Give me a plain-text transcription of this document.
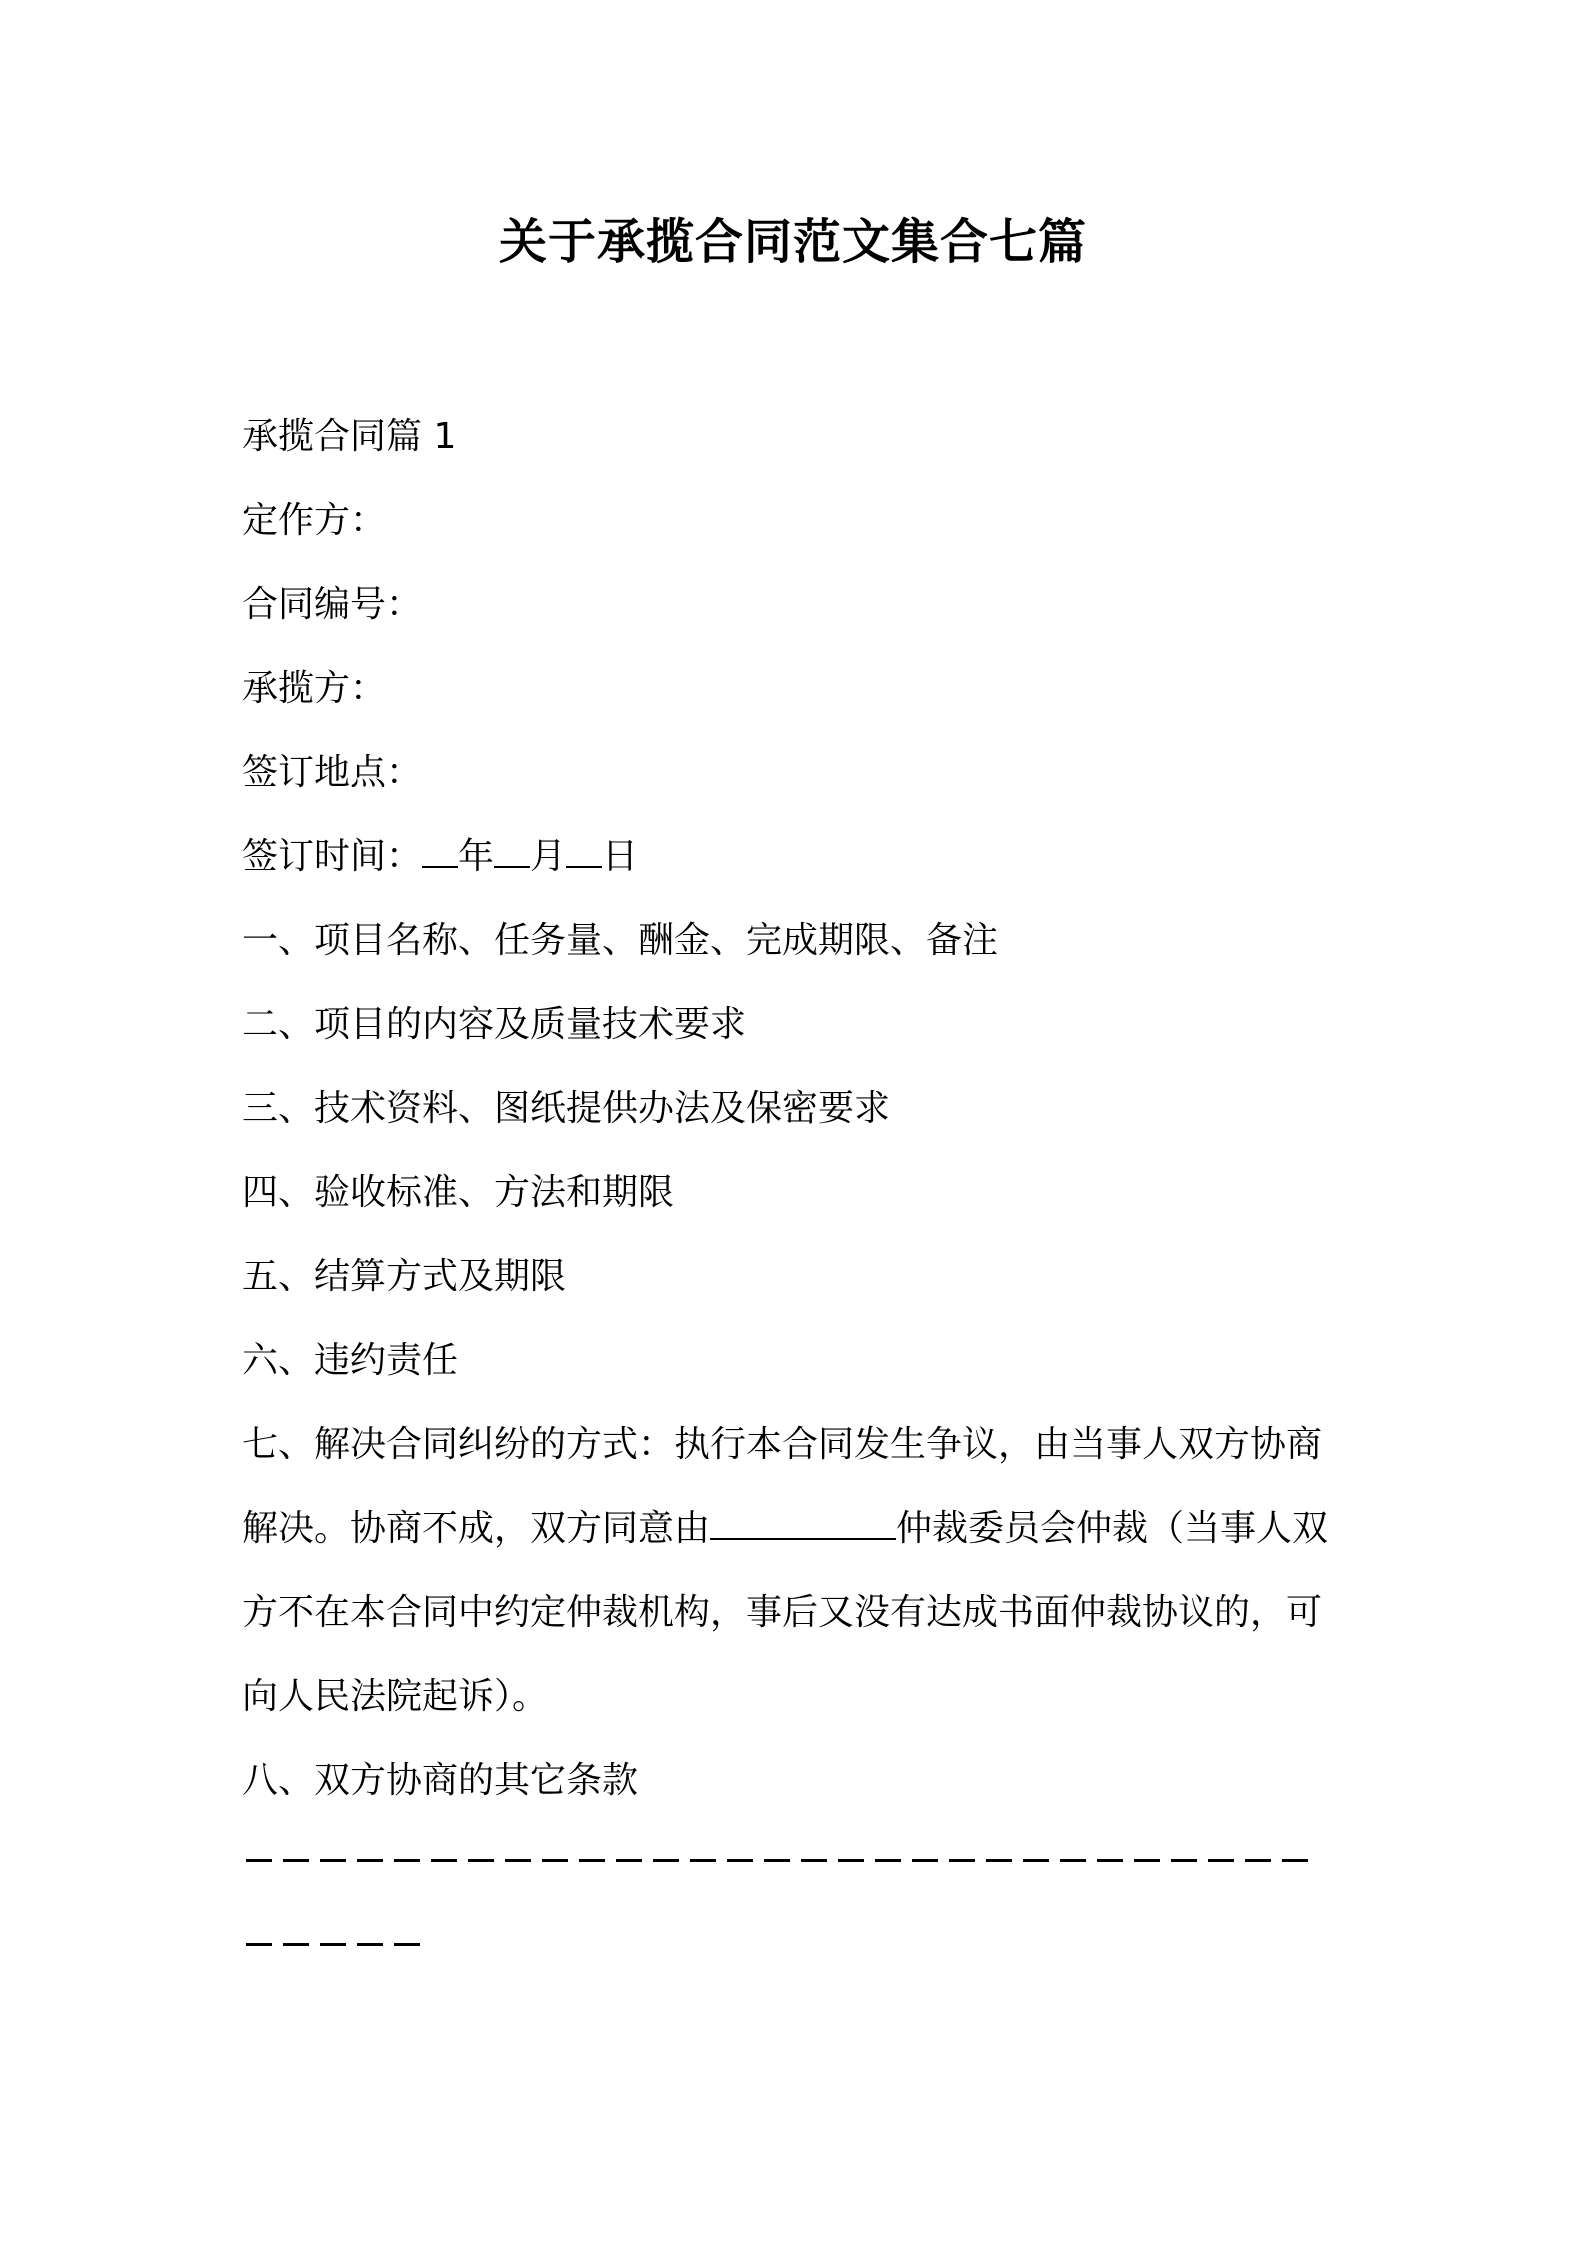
关于承揽合同范文集合七篇
承揽合同篇 1
定作方：
合同编号：
承揽方：
签订地点：
签订时间： 年 月 日
一、项目名称、任务量、酬金、完成期限、备注
二、项目的内容及质量技术要求
三、技术资料、图纸提供办法及保密要求
四、验收标准、方法和期限
五、结算方式及期限
六、违约责任
七、解决合同纠纷的方式：执行本合同发生争议，由当事人双方协商
解决。协商不成，双方同意由	仲裁委员会仲裁（当事人双
方不在本合同中约定仲裁机构，事后又没有达成书面仲裁协议的，可
向人民法院起诉）。
八、双方协商的其它条款
